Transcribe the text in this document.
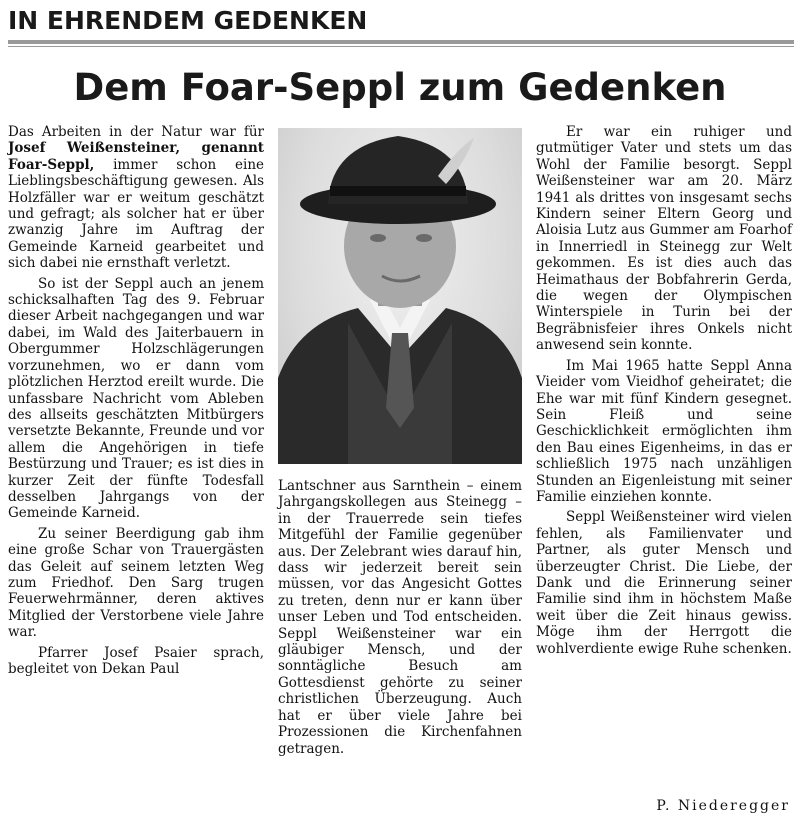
IN EHRENDEM GEDENKEN
Dem Foar-Seppl zum Gedenken

Das Arbeiten in der Natur war für Josef Weißensteiner, genannt Foar-Seppl, immer schon eine Lieblingsbeschäftigung gewesen. Als Holzfäller war er weitum geschätzt und gefragt; als solcher hat er über zwanzig Jahre im Auftrag der Gemeinde Karneid gearbeitet und sich dabei nie ernsthaft verletzt.

So ist der Seppl auch an jenem schicksalhaften Tag des 9. Februar dieser Arbeit nachgegangen und war dabei, im Wald des Jaiterbauern in Obergummer Holzschlägerungen vorzunehmen, wo er dann vom plötzlichen Herztod ereilt wurde. Die unfassbare Nachricht vom Ableben des allseits geschätzten Mitbürgers versetzte Bekannte, Freunde und vor allem die Angehörigen in tiefe Bestürzung und Trauer; es ist dies in kurzer Zeit der fünfte Todesfall desselben Jahrgangs von der Gemeinde Karneid.

Zu seiner Beerdigung gab ihm eine große Schar von Trauergästen das Geleit auf seinem letzten Weg zum Friedhof. Den Sarg trugen Feuerwehrmänner, deren aktives Mitglied der Verstorbene viele Jahre war.

Pfarrer Josef Psaier sprach, begleitet von Dekan Paul

Lantschner aus Sarnthein – einem Jahrgangskollegen aus Steinegg – in der Trauerrede sein tiefes Mitgefühl der Familie gegenüber aus. Der Zelebrant wies darauf hin, dass wir jederzeit bereit sein müssen, vor das Angesicht Gottes zu treten, denn nur er kann über unser Leben und Tod entscheiden. Seppl Weißensteiner war ein gläubiger Mensch, und der sonntägliche Besuch am Gottesdienst gehörte zu seiner christlichen Überzeugung. Auch hat er über viele Jahre bei Prozessionen die Kirchenfahnen getragen.

Er war ein ruhiger und gutmütiger Vater und stets um das Wohl der Familie besorgt. Seppl Weißensteiner war am 20. März 1941 als drittes von insgesamt sechs Kindern seiner Eltern Georg und Aloisia Lutz aus Gummer am Foarhof in Innerriedl in Steinegg zur Welt gekommen. Es ist dies auch das Heimathaus der Bobfahrerin Gerda, die wegen der Olympischen Winterspiele in Turin bei der Begräbnisfeier ihres Onkels nicht anwesend sein konnte.

Im Mai 1965 hatte Seppl Anna Vieider vom Vieidhof geheiratet; die Ehe war mit fünf Kindern gesegnet. Sein Fleiß und seine Geschicklichkeit ermöglichten ihm den Bau eines Eigenheims, in das er schließlich 1975 nach unzähligen Stunden an Eigenleistung mit seiner Familie einziehen konnte.

Seppl Weißensteiner wird vielen fehlen, als Familienvater und Partner, als guter Mensch und überzeugter Christ. Die Liebe, der Dank und die Erinnerung seiner Familie sind ihm in höchstem Maße weit über die Zeit hinaus gewiss. Möge ihm der Herrgott die wohlverdiente ewige Ruhe schenken.

P. Niederegger
